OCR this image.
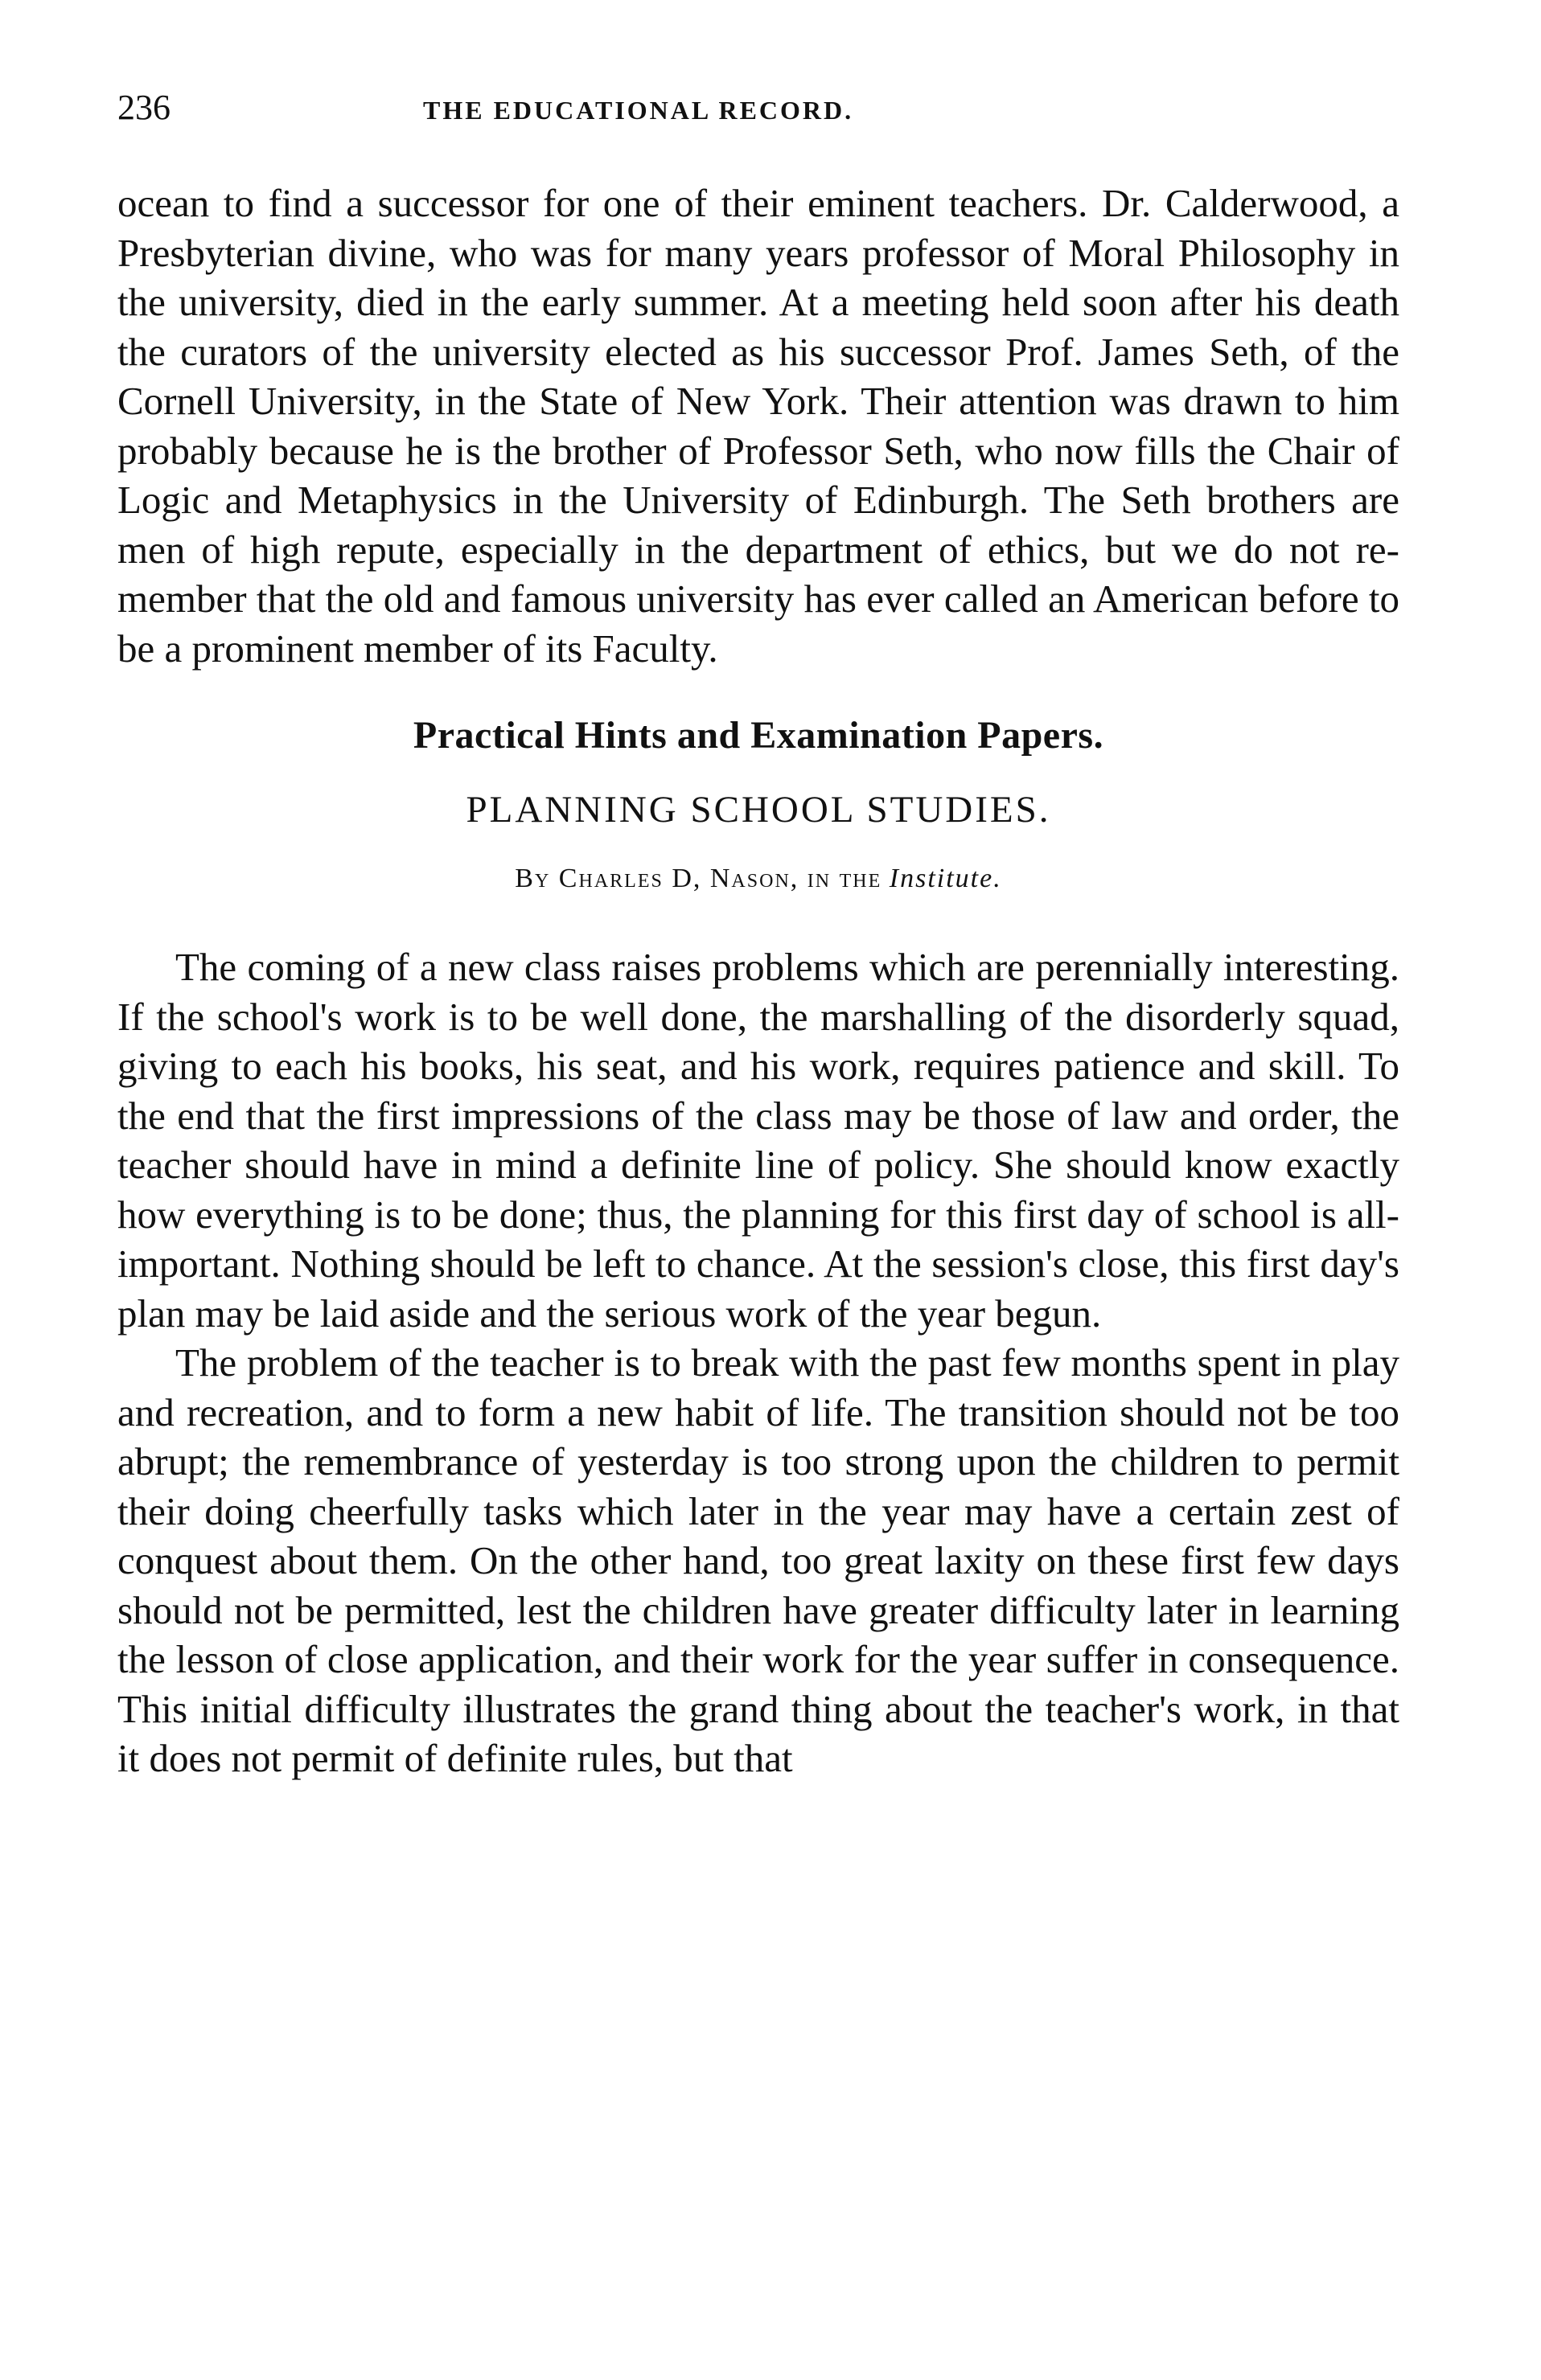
236	THE EDUCATIONAL RECORD.

ocean to find a successor for one of their eminent teachers. Dr. Calderwood, a Presbyterian divine, who was for many years professor of Moral Philosophy in the university, died in the early summer. At a meeting held soon after his death the curators of the university elected as his successor Prof. James Seth, of the Cornell University, in the State of New York. Their attention was drawn to him probably because he is the brother of Professor Seth, who now fills the Chair of Logic and Metaphysics in the University of Edinburgh. The Seth brothers are men of high repute, especially in the department of ethics, but we do not remember that the old and famous university has ever called an American before to be a prominent member of its Faculty.

Practical Hints and Examination Papers.
PLANNING SCHOOL STUDIES.
By Charles D, Nason, in the Institute.

The coming of a new class raises problems which are perennially interesting. If the school's work is to be well done, the marshalling of the disorderly squad, giving to each his books, his seat, and his work, requires patience and skill. To the end that the first impressions of the class may be those of law and order, the teacher should have in mind a definite line of policy. She should know exactly how everything is to be done; thus, the planning for this first day of school is all-important. Nothing should be left to chance. At the session's close, this first day's plan may be laid aside and the serious work of the year begun.

The problem of the teacher is to break with the past few months spent in play and recreation, and to form a new habit of life. The transition should not be too abrupt; the remembrance of yesterday is too strong upon the children to permit their doing cheerfully tasks which later in the year may have a certain zest of conquest about them. On the other hand, too great laxity on these first few days should not be permitted, lest the children have greater difficulty later in learning the lesson of close application, and their work for the year suffer in consequence. This initial difficulty illustrates the grand thing about the teacher's work, in that it does not permit of definite rules, but that
